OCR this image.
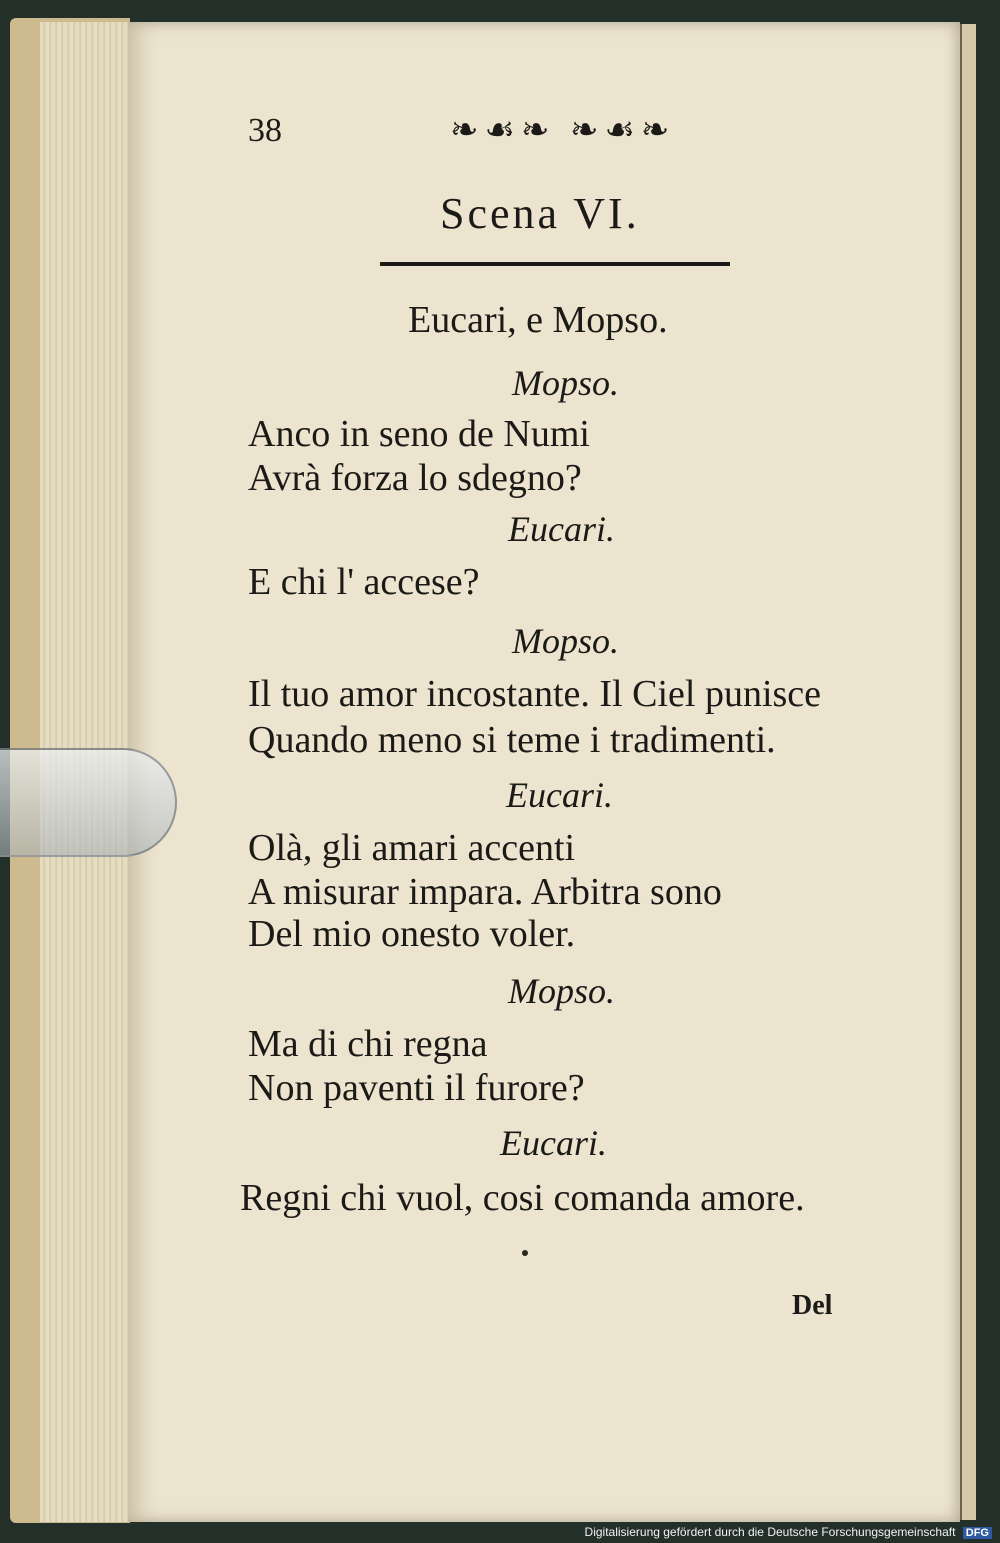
38	❧☙❧ ❧☙❧
Scena VI.
Eucari, e Mopso.
Mopso.
Anco in seno de Numi
Avrà forza lo sdegno?
Eucari.
E chi l' accese?
Mopso.
Il tuo amor incostante. Il Ciel punisce
Quando meno si teme i tradimenti.
Eucari.
Olà, gli amari accenti
A misurar impara. Arbitra sono
Del mio onesto voler.
Mopso.
Ma di chi regna
Non paventi il furore?
Eucari.
Regni chi vuol, cosi comanda amore.
Del
Digitalisierung gefördert durch die Deutsche Forschungsgemeinschaft DFG
